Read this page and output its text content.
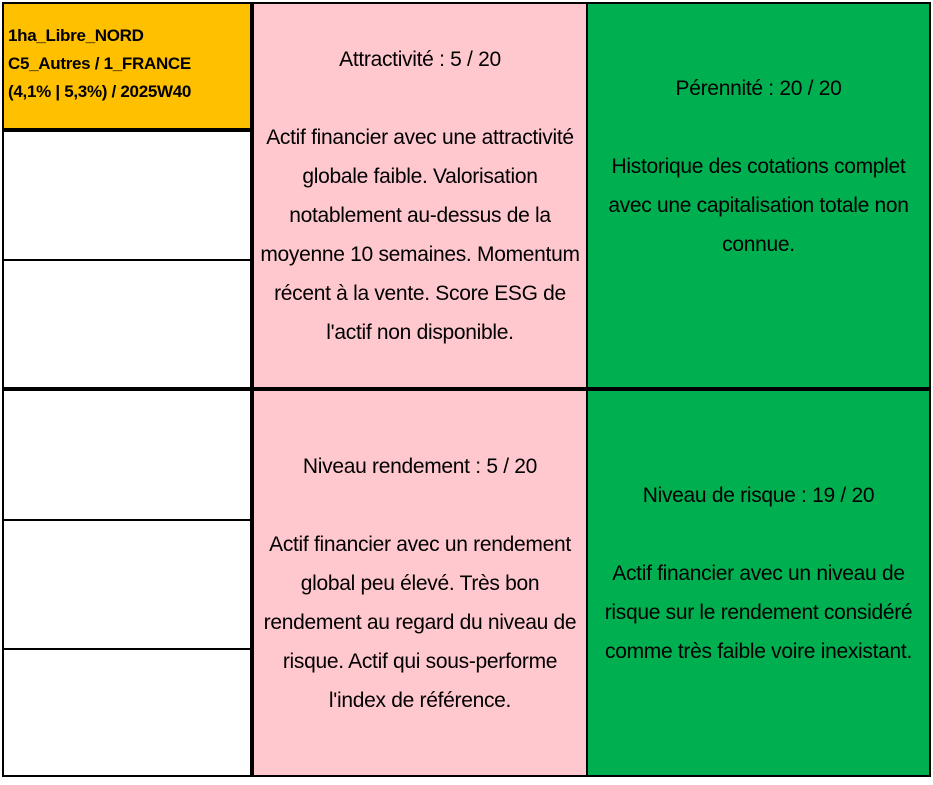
1ha_Libre_NORD
C5_Autres / 1_FRANCE
(4,1% | 5,3%) / 2025W40
Attractivité : 5 / 20

Actif financier avec une attractivité globale faible. Valorisation notablement au-dessus de la moyenne 10 semaines. Momentum récent à la vente. Score ESG de l'actif non disponible.

Pérennité : 20 / 20

Historique des cotations complet avec une capitalisation totale non connue.

Niveau rendement : 5 / 20

Actif financier avec un rendement global peu élevé. Très bon rendement au regard du niveau de risque. Actif qui sous-performe l'index de référence.

Niveau de risque : 19 / 20

Actif financier avec un niveau de risque sur le rendement considéré comme très faible voire inexistant.
